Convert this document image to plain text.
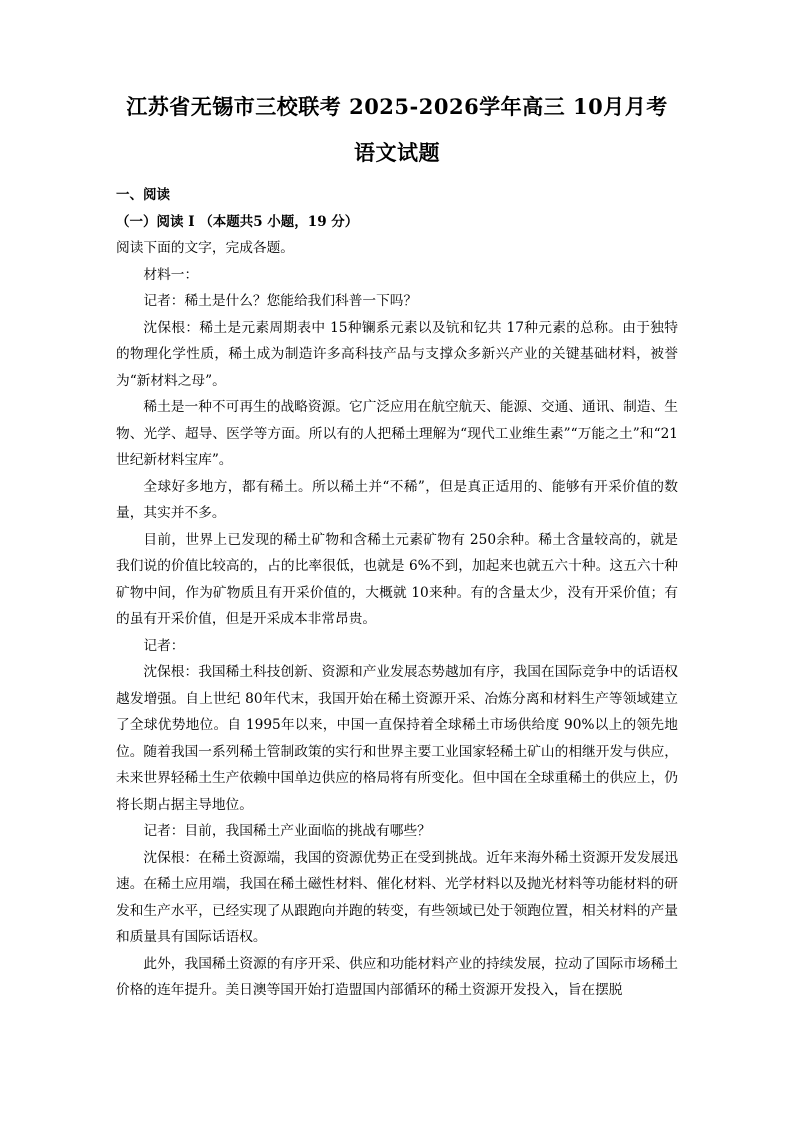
江苏省无锡市三校联考 2025-2026学年高三 10月月考
语文试题

一、阅读

（一）阅读 I （本题共5 小题，19 分）

阅读下面的文字，完成各题。

材料一：

记者：稀土是什么？您能给我们科普一下吗？

沈保根：稀土是元素周期表中 15种镧系元素以及钪和钇共 17种元素的总称。由于独特的物理化学性质，稀土成为制造许多高科技产品与支撑众多新兴产业的关键基础材料，被誉为“新材料之母”。

稀土是一种不可再生的战略资源。它广泛应用在航空航天、能源、交通、通讯、制造、生物、光学、超导、医学等方面。所以有的人把稀土理解为“现代工业维生素”“万能之土”和“21世纪新材料宝库”。

全球好多地方，都有稀土。所以稀土并“不稀”，但是真正适用的、能够有开采价值的数量，其实并不多。

目前，世界上已发现的稀土矿物和含稀土元素矿物有 250余种。稀土含量较高的，就是我们说的价值比较高的，占的比率很低，也就是 6%不到，加起来也就五六十种。这五六十种矿物中间，作为矿物质且有开采价值的，大概就 10来种。有的含量太少，没有开采价值；有的虽有开采价值，但是开采成本非常昂贵。

记者：

沈保根：我国稀土科技创新、资源和产业发展态势越加有序，我国在国际竞争中的话语权越发增强。自上世纪 80年代末，我国开始在稀土资源开采、冶炼分离和材料生产等领域建立了全球优势地位。自 1995年以来，中国一直保持着全球稀土市场供给度 90%以上的领先地位。随着我国一系列稀土管制政策的实行和世界主要工业国家轻稀土矿山的相继开发与供应，未来世界轻稀土生产依赖中国单边供应的格局将有所变化。但中国在全球重稀土的供应上，仍将长期占据主导地位。

记者：目前，我国稀土产业面临的挑战有哪些？

沈保根：在稀土资源端，我国的资源优势正在受到挑战。近年来海外稀土资源开发发展迅速。在稀土应用端，我国在稀土磁性材料、催化材料、光学材料以及抛光材料等功能材料的研发和生产水平，已经实现了从跟跑向并跑的转变，有些领域已处于领跑位置，相关材料的产量和质量具有国际话语权。

此外，我国稀土资源的有序开采、供应和功能材料产业的持续发展，拉动了国际市场稀土价格的连年提升。美日澳等国开始打造盟国内部循环的稀土资源开发投入，旨在摆脱
